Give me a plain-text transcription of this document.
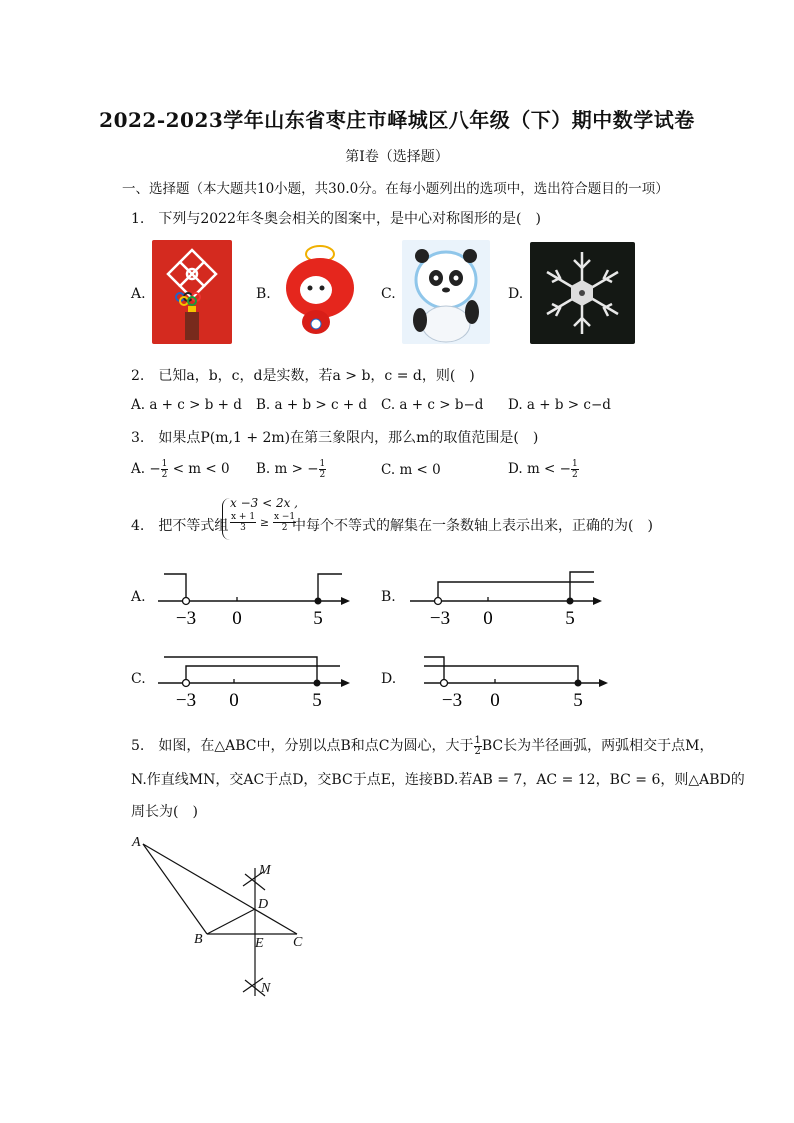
2022-2023学年山东省枣庄市峄城区八年级（下）期中数学试卷
第Ⅰ卷（选择题）
一、选择题（本大题共10小题，共30.0分。在每小题列出的选项中，选出符合题目的一项）
1.　下列与2022年冬奥会相关的图案中，是中心对称图形的是(　)
A.	B.	C.	D.
2.　已知a，b，c，d是实数，若a > b，c = d，则(　)
A. a + c > b + d B. a + b > c + d C. a + c > b−d D. a + b > c−d
3.　如果点P(m,1 + 2m)在第三象限内，那么m的取值范围是(　)
A. − $\frac{1}{2} < m < 0$ B. m > − $\frac{1}{2}$	C. m < 0	D. m < − $\frac{1}{2}$
4.　把不等式组
x −3 < 2x ,
$\frac{x + 1}{3} \ge \frac{x -1}{2}$
中每个不等式的解集在一条数轴上表示出来，正确的为(　)
A.
−3 0	5
B.
−3 0	5
C.
−3 0	5
D.
−3 0	5
5.　如图，在△ABC中，分别以点B和点C为圆心，大于 $\frac{1}{2}$ BC长为半径画弧，两弧相交于点M，
N.作直线MN，交AC于点D，交BC于点E，连接BD.若AB = 7，AC = 12，BC = 6，则△ABD的
周长为(　)
A
B	C
D
E
M
N
